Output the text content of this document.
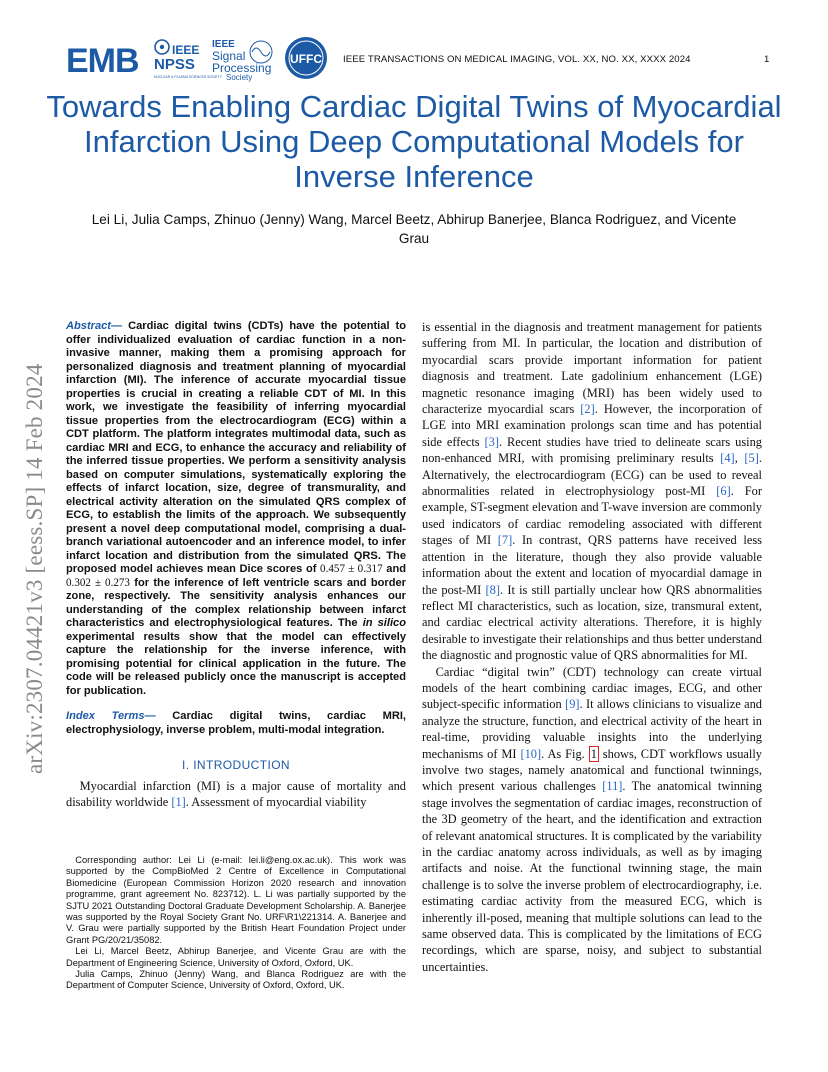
EMB	IEEE
NPSS
NUCLEAR & PLASMA SCIENCES SOCIETY
IEEE
Signal
Processing
Society
UFFC IEEE TRANSACTIONS ON MEDICAL IMAGING, VOL. XX, NO. XX, XXXX 2024	1
Towards Enabling Cardiac Digital Twins of Myocardial Infarction Using Deep Computational Models for Inverse Inference
Lei Li, Julia Camps, Zhinuo (Jenny) Wang, Marcel Beetz, Abhirup Banerjee, Blanca Rodriguez, and Vicente Grau
arXiv:2307.04421v3 [eess.SP] 14 Feb 2024

Abstract— Cardiac digital twins (CDTs) have the potential to offer individualized evaluation of cardiac function in a non-invasive manner, making them a promising approach for personalized diagnosis and treatment planning of myocardial infarction (MI). The inference of accurate myocardial tissue properties is crucial in creating a reliable CDT of MI. In this work, we investigate the feasibility of inferring myocardial tissue properties from the electrocardiogram (ECG) within a CDT platform. The platform integrates multimodal data, such as cardiac MRI and ECG, to enhance the accuracy and reliability of the inferred tissue properties. We perform a sensitivity analysis based on computer simulations, systematically exploring the effects of infarct location, size, degree of transmurality, and electrical activity alteration on the simulated QRS complex of ECG, to establish the limits of the approach. We subsequently present a novel deep computational model, comprising a dual-branch variational autoencoder and an inference model, to infer infarct location and distribution from the simulated QRS. The proposed model achieves mean Dice scores of 0.457 ± 0.317 and 0.302 ± 0.273 for the inference of left ventricle scars and border zone, respectively. The sensitivity analysis enhances our understanding of the complex relationship between infarct characteristics and electrophysiological features. The in silico experimental results show that the model can effectively capture the relationship for the inverse inference, with promising potential for clinical application in the future. The code will be released publicly once the manuscript is accepted for publication.

Index Terms— Cardiac digital twins, cardiac MRI, electrophysiology, inverse problem, multi-modal integration.

I. INTRODUCTION

Myocardial infarction (MI) is a major cause of mortality and disability worldwide [1]. Assessment of myocardial viability

Corresponding author: Lei Li (e-mail: lei.li@eng.ox.ac.uk). This work was supported by the CompBioMed 2 Centre of Excellence in Computational Biomedicine (European Commission Horizon 2020 research and innovation programme, grant agreement No. 823712). L. Li was partially supported by the SJTU 2021 Outstanding Doctoral Graduate Development Scholarship. A. Banerjee was supported by the Royal Society Grant No. URF\R1\221314. A. Banerjee and V. Grau were partially supported by the British Heart Foundation Project under Grant PG/20/21/35082.

Lei Li, Marcel Beetz, Abhirup Banerjee, and Vicente Grau are with the Department of Engineering Science, University of Oxford, Oxford, UK.

Julia Camps, Zhinuo (Jenny) Wang, and Blanca Rodriguez are with the Department of Computer Science, University of Oxford, Oxford, UK.

is essential in the diagnosis and treatment management for patients suffering from MI. In particular, the location and distribution of myocardial scars provide important information for patient diagnosis and treatment. Late gadolinium enhancement (LGE) magnetic resonance imaging (MRI) has been widely used to characterize myocardial scars [2]. However, the incorporation of LGE into MRI examination prolongs scan time and has potential side effects [3]. Recent studies have tried to delineate scars using non-enhanced MRI, with promising preliminary results [4], [5]. Alternatively, the electrocardiogram (ECG) can be used to reveal abnormalities related in electrophysiology post-MI [6]. For example, ST-segment elevation and T-wave inversion are commonly used indicators of cardiac remodeling associated with different stages of MI [7]. In contrast, QRS patterns have received less attention in the literature, though they also provide valuable information about the extent and location of myocardial damage in the post-MI [8]. It is still partially unclear how QRS abnormalities reflect MI characteristics, such as location, size, transmural extent, and cardiac electrical activity alterations. Therefore, it is highly desirable to investigate their relationships and thus better understand the diagnostic and prognostic value of QRS abnormalities for MI.

Cardiac “digital twin” (CDT) technology can create virtual models of the heart combining cardiac images, ECG, and other subject-specific information [9]. It allows clinicians to visualize and analyze the structure, function, and electrical activity of the heart in real-time, providing valuable insights into the underlying mechanisms of MI [10]. As Fig. 1 shows, CDT workflows usually involve two stages, namely anatomical and functional twinnings, which present various challenges [11]. The anatomical twinning stage involves the segmentation of cardiac images, reconstruction of the 3D geometry of the heart, and the identification and extraction of relevant anatomical structures. It is complicated by the variability in the cardiac anatomy across individuals, as well as by imaging artifacts and noise. At the functional twinning stage, the main challenge is to solve the inverse problem of electrocardiography, i.e. estimating cardiac activity from the measured ECG, which is inherently ill-posed, meaning that multiple solutions can lead to the same observed data. This is complicated by the limitations of ECG recordings, which are sparse, noisy, and subject to substantial uncertainties.
